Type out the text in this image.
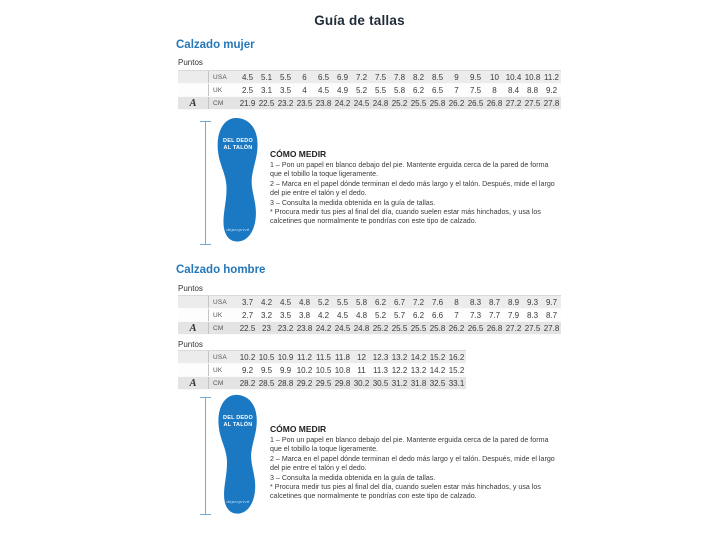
Guía de tallas
Calzado mujer
Puntos
USA	4.5 5.1 5.5	6	6.5 6.9 7.2 7.5 7.8 8.2 8.5	9	9.5	10 10.4 10.8 11.2
UK	2.5 3.1 3.5	4	4.5 4.9 5.2 5.5 5.8 6.2 6.5	7	7.5	8	8.4 8.8 9.2
A	CM	21.9 22.5 23.2 23.5 23.8 24.2 24.5 24.8 25.2 25.5 25.8 26.2 26.5 26.8 27.2 27.5 27.8
DEL DEDO
AL TALÓN
deporprivé
CÓMO MEDIR
1 – Pon un papel en blanco debajo del pie. Mantente erguida cerca de la pared de forma que el tobillo la toque ligeramente.
2 – Marca en el papel dónde terminan el dedo más largo y el talón. Después, mide el largo del pie entre el talón y el dedo.
3 – Consulta la medida obtenida en la guía de tallas.
* Procura medir tus pies al final del día, cuando suelen estar más hinchados, y usa los calcetines que normalmente te pondrías con este tipo de calzado.
Calzado hombre
Puntos
USA	3.7 4.2 4.5 4.8 5.2 5.5 5.8 6.2 6.7 7.2 7.6	8	8.3 8.7 8.9 9.3 9.7
UK	2.7 3.2 3.5 3.8 4.2 4.5 4.8 5.2 5.7 6.2 6.6	7	7.3 7.7 7.9 8.3 8.7
A	CM	22.5 23 23.2 23.8 24.2 24.5 24.8 25.2 25.5 25.5 25.8 26.2 26.5 26.8 27.2 27.5 27.8
Puntos
USA	10.2 10.5 10.9 11.2 11.5 11.8 12 12.3 13.2 14.2 15.2 16.2
UK	9.2 9.5 9.9 10.2 10.5 10.8 11 11.3 12.2 13.2 14.2 15.2
A	CM	28.2 28.5 28.8 29.2 29.5 29.8 30.2 30.5 31.2 31.8 32.5 33.1
DEL DEDO
AL TALÓN
deporprivé
CÓMO MEDIR
1 – Pon un papel en blanco debajo del pie. Mantente erguida cerca de la pared de forma que el tobillo la toque ligeramente.
2 – Marca en el papel dónde terminan el dedo más largo y el talón. Después, mide el largo del pie entre el talón y el dedo.
3 – Consulta la medida obtenida en la guía de tallas.
* Procura medir tus pies al final del día, cuando suelen estar más hinchados, y usa los calcetines que normalmente te pondrías con este tipo de calzado.
